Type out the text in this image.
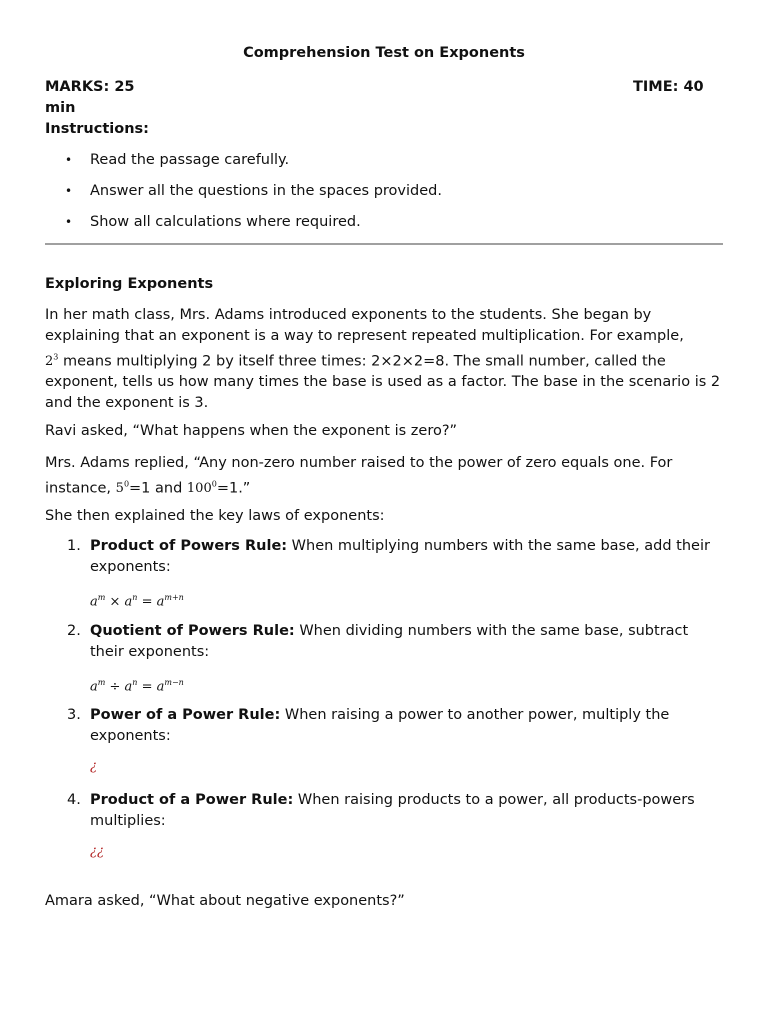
Comprehension Test on Exponents
MARKS: 25
min
TIME: 40
Instructions:
• Read the passage carefully.
• Answer all the questions in the spaces provided.
• Show all calculations where required.
Exploring Exponents

In her math class, Mrs. Adams introduced exponents to the students. She began by explaining that an exponent is a way to represent repeated multiplication. For example,
$2^3$ means multiplying 2 by itself three times: 2×2×2=8. The small number, called the exponent, tells us how many times the base is used as a factor. The base in the scenario is 2 and the exponent is 3.

Ravi asked, “What happens when the exponent is zero?”

Mrs. Adams replied, “Any non-zero number raised to the power of zero equals one. For instance, $5^0=1$ and $100^0=1$.”

She then explained the key laws of exponents:

1. Product of Powers Rule: When multiplying numbers with the same base, add their exponents:
$a^m \times a^n = a^{m+n}$
2. Quotient of Powers Rule: When dividing numbers with the same base, subtract their exponents:
$a^m \div a^n = a^{m-n}$
3. Power of a Power Rule: When raising a power to another power, multiply the exponents:
¿
4. Product of a Power Rule: When raising products to a power, all products-powers multiplies:
¿¿

Amara asked, “What about negative exponents?”
